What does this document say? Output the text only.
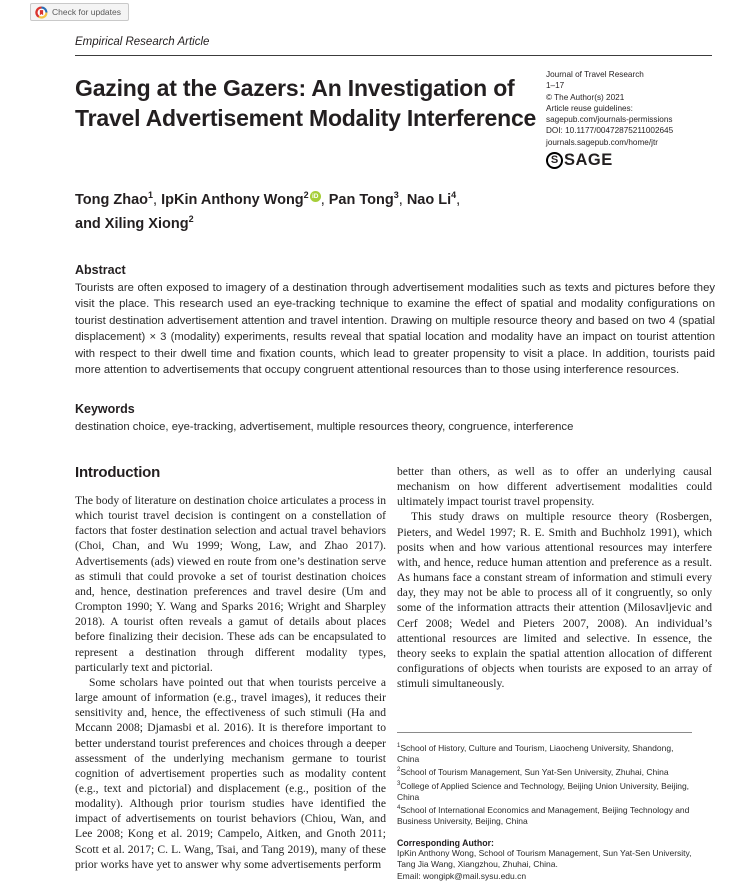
Check for updates
Empirical Research Article
Gazing at the Gazers: An Investigation of Travel Advertisement Modality Interference
Journal of Travel Research
1–17
© The Author(s) 2021
Article reuse guidelines:
sagepub.com/journals-permissions
DOI: 10.1177/00472875211002645
journals.sagepub.com/home/jtr
S SAGE
Tong Zhao$^1$, IpKin Anthony Wong$^2$ iD , Pan Tong$^3$, Nao Li$^4$,
and Xiling Xiong$^2$
Abstract
Tourists are often exposed to imagery of a destination through advertisement modalities such as texts and pictures before they visit the place. This research used an eye-tracking technique to examine the effect of spatial and modality configurations on tourist destination advertisement attention and travel intention. Drawing on multiple resource theory and based on two 4 (spatial displacement) × 3 (modality) experiments, results reveal that spatial location and modality have an impact on tourist attention with respect to their dwell time and fixation counts, which lead to greater propensity to visit a place. In addition, tourists paid more attention to advertisements that occupy congruent attentional resources than to those using interference resources.
Keywords
destination choice, eye-tracking, advertisement, multiple resources theory, congruence, interference
Introduction

The body of literature on destination choice articulates a process in which tourist travel decision is contingent on a constellation of factors that foster destination selection and actual travel behaviors (Choi, Chan, and Wu 1999; Wong, Law, and Zhao 2017). Advertisements (ads) viewed en route from one’s destination serve as stimuli that could provoke a set of tourist destination choices and, hence, destination preferences and travel desire (Um and Crompton 1990; Y. Wang and Sparks 2016; Wright and Sharpley 2018). A tourist often reveals a gamut of details about places before finalizing their decision. These ads can be encapsulated to represent a destination through different modality types, particularly text and pictorial.

Some scholars have pointed out that when tourists perceive a large amount of information (e.g., travel images), it reduces their sensitivity and, hence, the effectiveness of such stimuli (Ha and Mccann 2008; Djamasbi et al. 2016). It is therefore important to better understand tourist preferences and choices through a deeper assessment of the underlying mechanism germane to tourist cognition of advertisement properties such as modality content (e.g., text and pictorial) and displacement (e.g., position of the modality). Although prior tourism studies have identified the impact of advertisements on tourist behaviors (Chiou, Wan, and Lee 2008; Kong et al. 2019; Campelo, Aitken, and Gnoth 2011; Scott et al. 2017; C. L. Wang, Tsai, and Tang 2019), many of these prior works have yet to answer why some advertisements perform

better than others, as well as to offer an underlying causal mechanism on how different advertisement modalities could ultimately impact tourist travel propensity.

This study draws on multiple resource theory (Rosbergen, Pieters, and Wedel 1997; R. E. Smith and Buchholz 1991), which posits when and how various attentional resources may interfere with, and hence, reduce human attention and preference as a result. As humans face a constant stream of information and stimuli every day, they may not be able to process all of it congruently, so only some of the information attracts their attention (Milosavljevic and Cerf 2008; Wedel and Pieters 2007, 2008). An individual’s attentional resources are limited and selective. In essence, the theory seeks to explain the spatial attention allocation of different configurations of objects when tourists are exposed to an array of stimuli simultaneously.

$^1$School of History, Culture and Tourism, Liaocheng University, Shandong, China
$^2$School of Tourism Management, Sun Yat-Sen University, Zhuhai, China
$^3$College of Applied Science and Technology, Beijing Union University, Beijing, China
$^4$School of International Economics and Management, Beijing Technology and Business University, Beijing, China
Corresponding Author:
IpKin Anthony Wong, School of Tourism Management, Sun Yat-Sen University, Tang Jia Wang, Xiangzhou, Zhuhai, China.
Email: wongipk@mail.sysu.edu.cn
